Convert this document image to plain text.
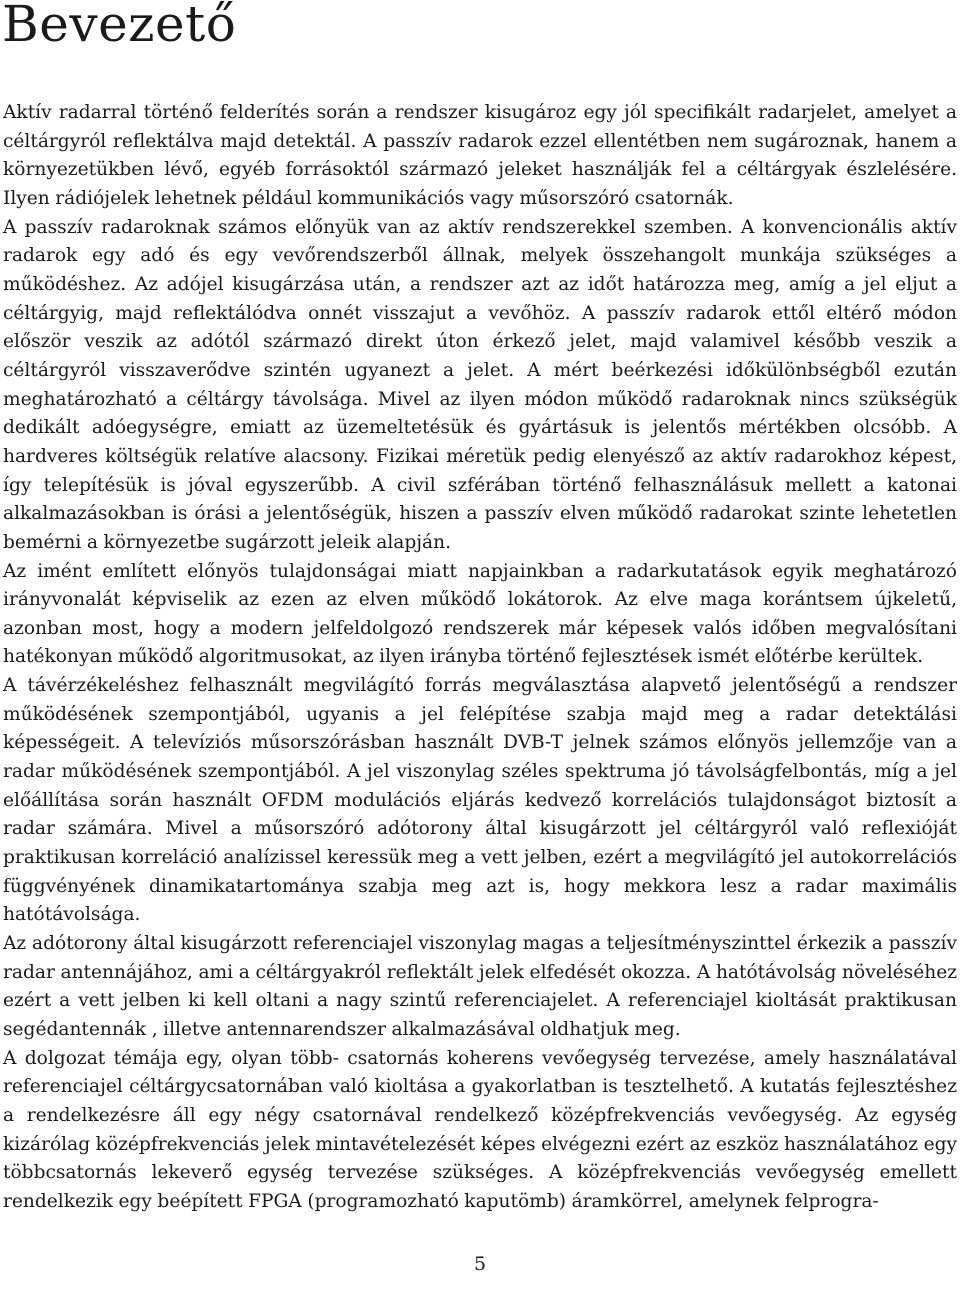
Bevezető

Aktív radarral történő felderítés során a rendszer kisugároz egy jól specifikált radarjelet, amelyet a céltárgyról reflektálva majd detektál. A passzív radarok ezzel ellentétben nem sugároznak, hanem a környezetükben lévő, egyéb forrásoktól származó jeleket használják fel a céltárgyak észlelésére. Ilyen rádiójelek lehetnek például kommunikációs vagy műsorszóró csatornák.

A passzív radaroknak számos előnyük van az aktív rendszerekkel szemben. A konvencionális aktív radarok egy adó és egy vevőrendszerből állnak, melyek összehangolt munkája szükséges a működéshez. Az adójel kisugárzása után, a rendszer azt az időt határozza meg, amíg a jel eljut a céltárgyig, majd reflektálódva onnét visszajut a vevőhöz. A passzív radarok ettől eltérő módon először veszik az adótól származó direkt úton érkező jelet, majd valamivel később veszik a céltárgyról visszaverődve szintén ugyanezt a jelet. A mért beérkezési időkülönbségből ezután meghatározható a céltárgy távolsága. Mivel az ilyen módon működő radaroknak nincs szükségük dedikált adóegységre, emiatt az üzemeltetésük és gyártásuk is jelentős mértékben olcsóbb. A hardveres költségük relatíve alacsony. Fizikai méretük pedig elenyésző az aktív radarokhoz képest, így telepítésük is jóval egyszerűbb. A civil szférában történő felhasználásuk mellett a katonai alkalmazásokban is órási a jelentőségük, hiszen a passzív elven működő radarokat szinte lehetetlen bemérni a környezetbe sugárzott jeleik alapján.

Az imént említett előnyös tulajdonságai miatt napjainkban a radarkutatások egyik meghatározó irányvonalát képviselik az ezen az elven működő lokátorok. Az elve maga korántsem újkeletű, azonban most, hogy a modern jelfeldolgozó rendszerek már képesek valós időben megvalósítani hatékonyan működő algoritmusokat, az ilyen irányba történő fejlesztések ismét előtérbe kerültek.

A távérzékeléshez felhasznált megvilágító forrás megválasztása alapvető jelentőségű a rendszer működésének szempontjából, ugyanis a jel felépítése szabja majd meg a radar detektálási képességeit. A televíziós műsorszórásban használt DVB-T jelnek számos előnyös jellemzője van a radar működésének szempontjából. A jel viszonylag széles spektruma jó távolságfelbontás, míg a jel előállítása során használt OFDM modulációs eljárás kedvező korrelációs tulajdonságot biztosít a radar számára. Mivel a műsorszóró adótorony által kisugárzott jel céltárgyról való reflexióját praktikusan korreláció analízissel keressük meg a vett jelben, ezért a megvilágító jel autokorrelációs függvényének dinamikatartománya szabja meg azt is, hogy mekkora lesz a radar maximális hatótávolsága.

Az adótorony által kisugárzott referenciajel viszonylag magas a teljesítményszinttel érkezik a passzív radar antennájához, ami a céltárgyakról reflektált jelek elfedését okozza. A hatótávolság növeléséhez ezért a vett jelben ki kell oltani a nagy szintű referenciajelet. A referenciajel kioltását praktikusan segédantennák , illetve antennarendszer alkalmazásával oldhatjuk meg.

A dolgozat témája egy, olyan több- csatornás koherens vevőegység tervezése, amely használatával referenciajel céltárgycsatornában való kioltása a gyakorlatban is tesztelhető. A kutatás fejlesztéshez a rendelkezésre áll egy négy csatornával rendelkező középfrekvenciás vevőegység. Az egység kizárólag középfrekvenciás jelek mintavételezését képes elvégezni ezért az eszköz használatához egy többcsatornás lekeverő egység tervezése szükséges. A középfrekvenciás vevőegység emellett rendelkezik egy beépített FPGA (programozható kaputömb) áramkörrel, amelynek felprogra-

5
